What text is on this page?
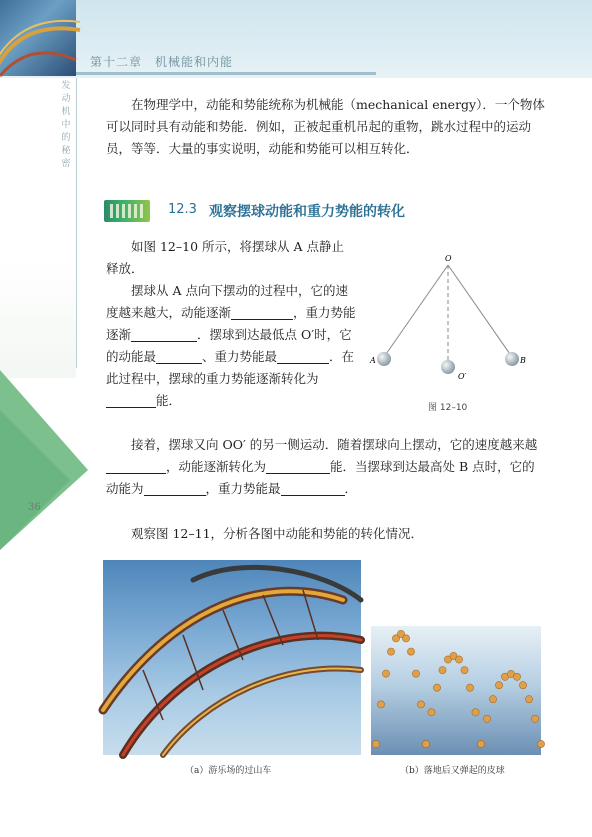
第十二章　机械能和内能
发动机中的秘密
36
在物理学中，动能和势能统称为机械能（mechanical energy）．一个物体可以同时具有动能和势能．例如，正被起重机吊起的重物，跳水过程中的运动员，等等．大量的事实说明，动能和势能可以相互转化．
12.3 观察摆球动能和重力势能的转化

如图 12–10 所示，将摆球从 A 点静止释放．

摆球从 A 点向下摆动的过程中，它的速度越来越大，动能逐渐	，重力势能逐渐	．摆球到达最低点 O′时，它的动能最	、重力势能最	．在此过程中，摆球的重力势能逐渐转化为能．

O
A	B
O′
图 12–10

接着，摆球又向 OO′ 的另一侧运动．随着摆球向上摆动，它的速度越来越，动能逐渐转化为	能．当摆球到达最高处 B 点时，它的动能为	，重力势能最	．

观察图 12–11，分析各图中动能和势能的转化情况．
（a）游乐场的过山车	（b）落地后又弹起的皮球
